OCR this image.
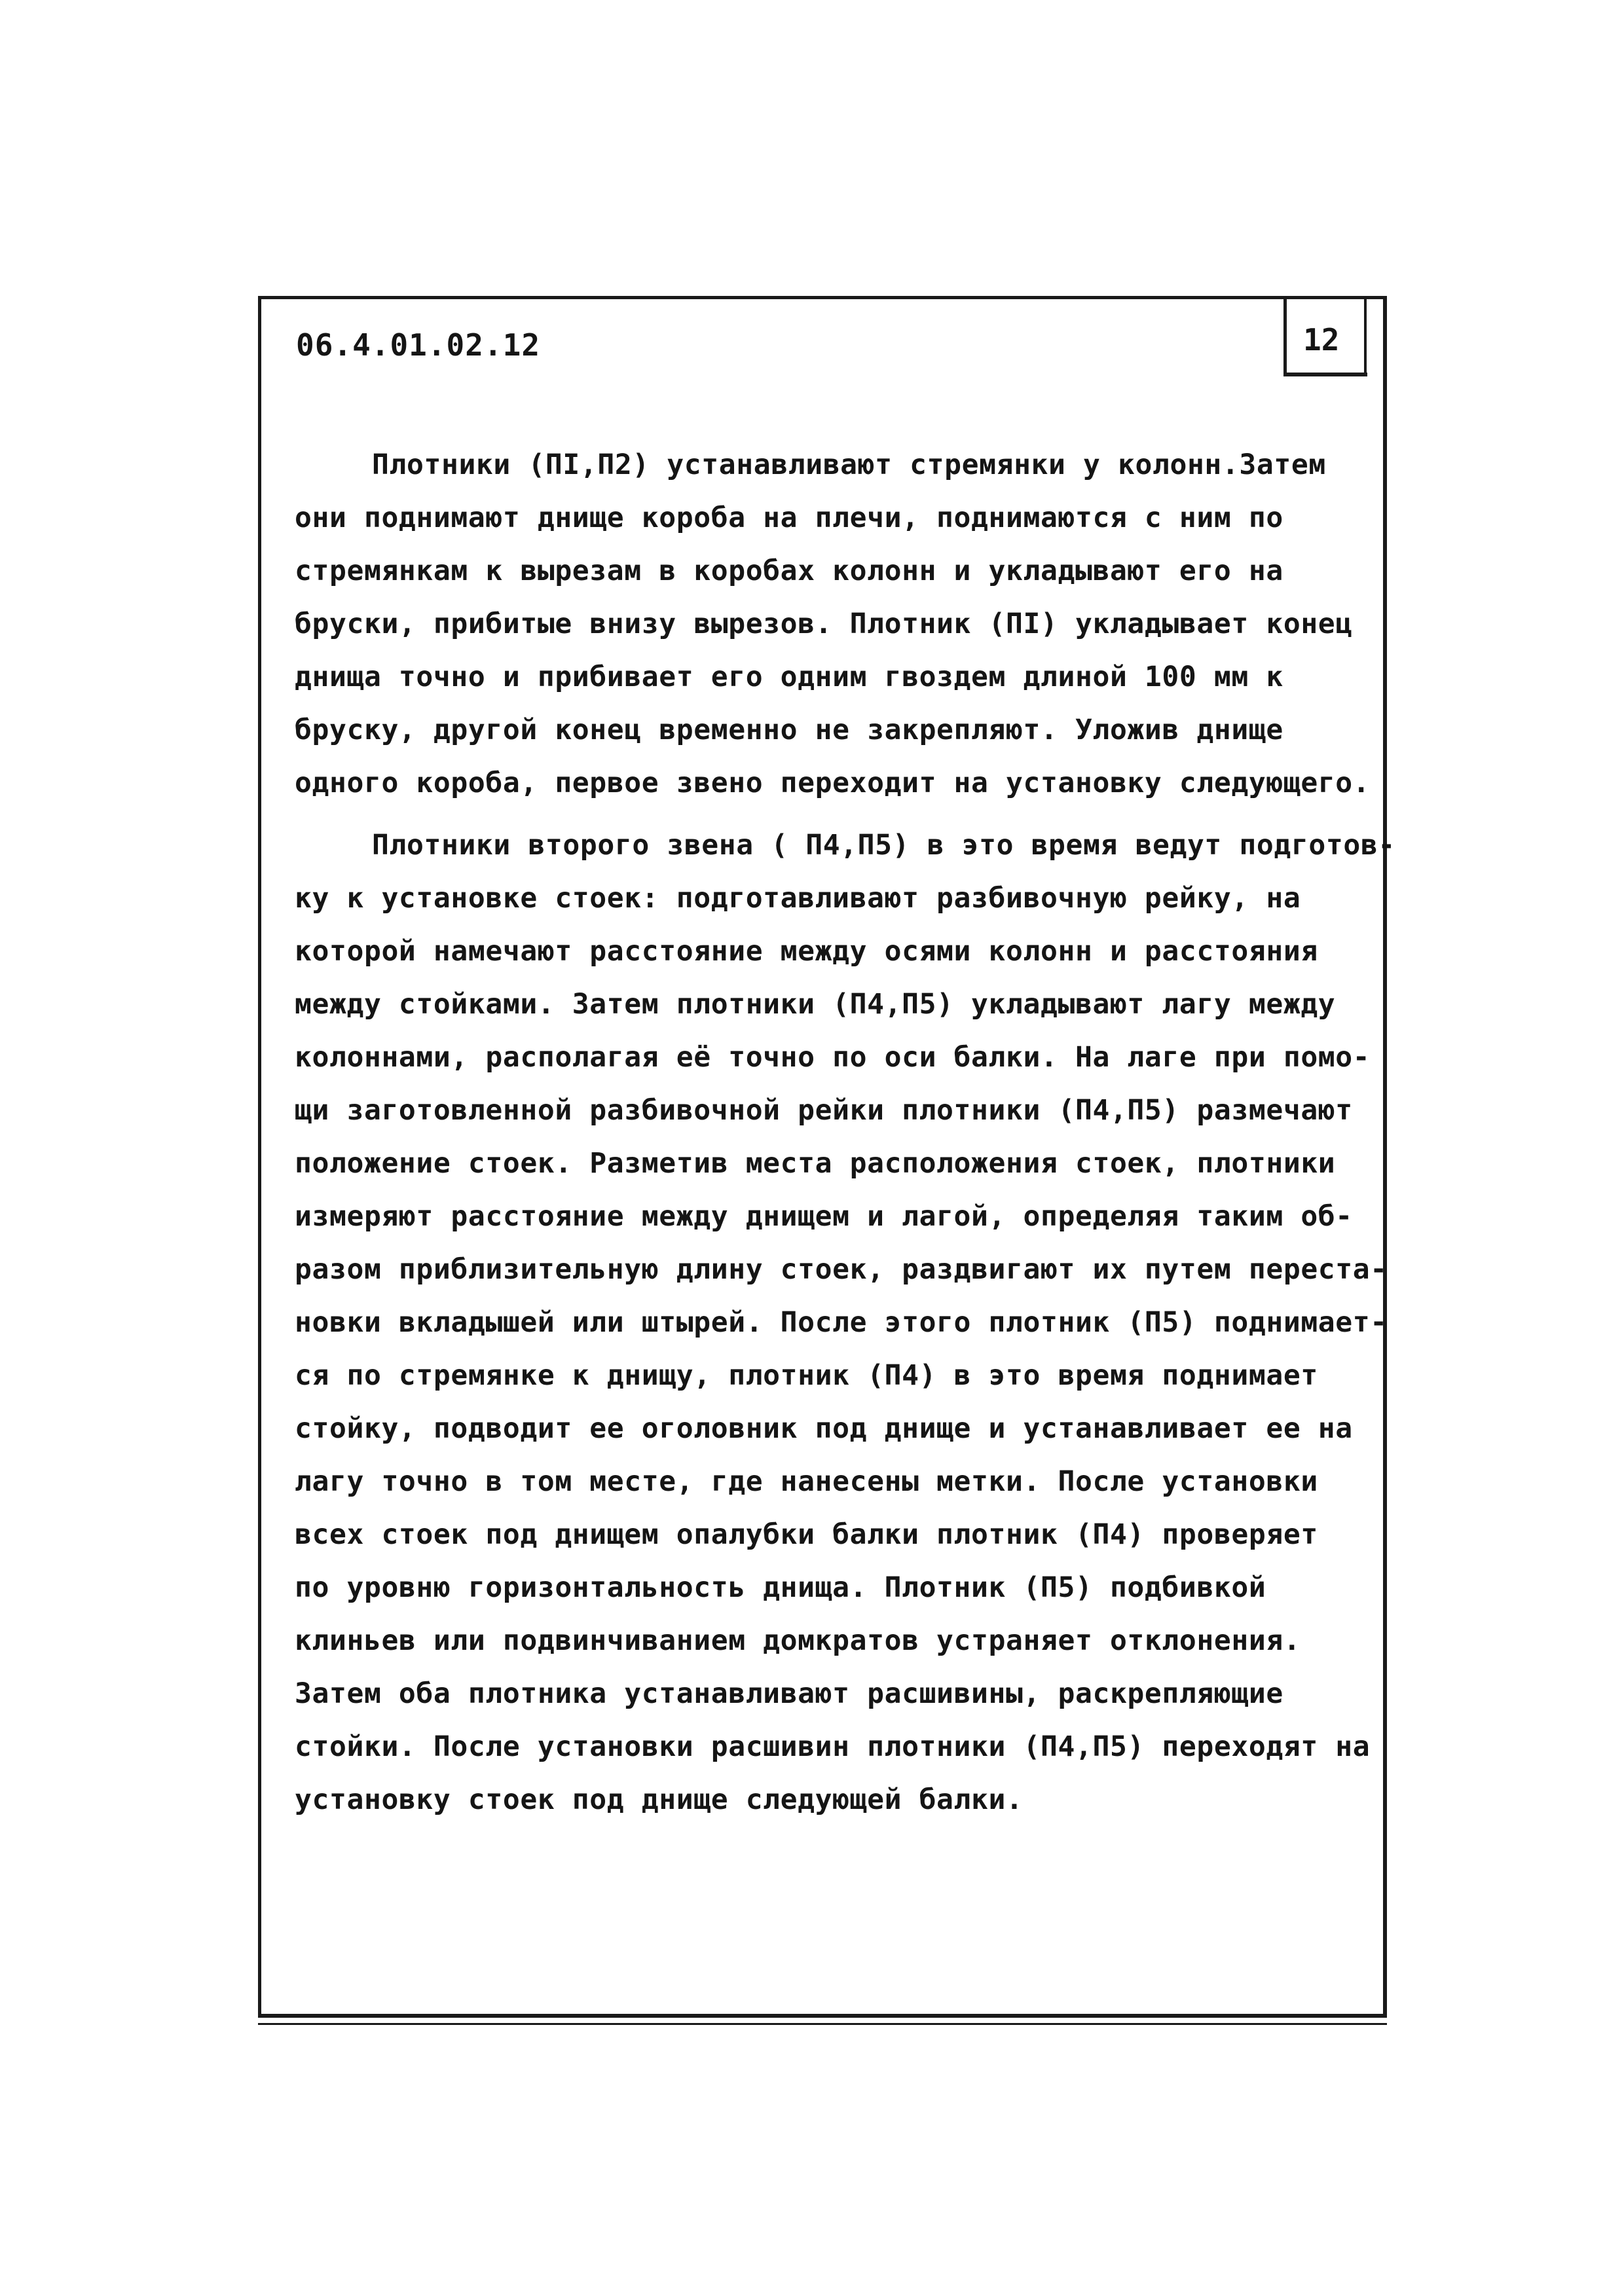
06.4.01.02.12	12
Плотники (ПI,П2) устанавливают стремянки у колонн.Затем
они поднимают днище короба на плечи, поднимаются с ним по
стремянкам к вырезам в коробах колонн и укладывают его на
бруски, прибитые внизу вырезов. Плотник (ПI) укладывает конец
днища точно и прибивает его одним гвоздем длиной 100 мм к
бруску, другой конец временно не закрепляют. Уложив днище
одного короба, первое звено переходит на установку следующего.
Плотники второго звена ( П4,П5) в это время ведут подготов-
ку к установке стоек: подготавливают разбивочную рейку, на
которой намечают расстояние между осями колонн и расстояния
между стойками. Затем плотники (П4,П5) укладывают лагу между
колоннами, располагая её точно по оси балки. На лаге при помо-
щи заготовленной разбивочной рейки плотники (П4,П5) размечают
положение стоек. Разметив места расположения стоек, плотники
измеряют расстояние между днищем и лагой, определяя таким об-
разом приблизительную длину стоек, раздвигают их путем переста-
новки вкладышей или штырей. После этого плотник (П5) поднимает-
ся по стремянке к днищу, плотник (П4) в это время поднимает
стойку, подводит ее оголовник под днище и устанавливает ее на
лагу точно в том месте, где нанесены метки. После установки
всех стоек под днищем опалубки балки плотник (П4) проверяет
по уровню горизонтальность днища. Плотник (П5) подбивкой
клиньев или подвинчиванием домкратов устраняет отклонения.
Затем оба плотника устанавливают расшивины, раскрепляющие
стойки. После установки расшивин плотники (П4,П5) переходят на
установку стоек под днище следующей балки.
